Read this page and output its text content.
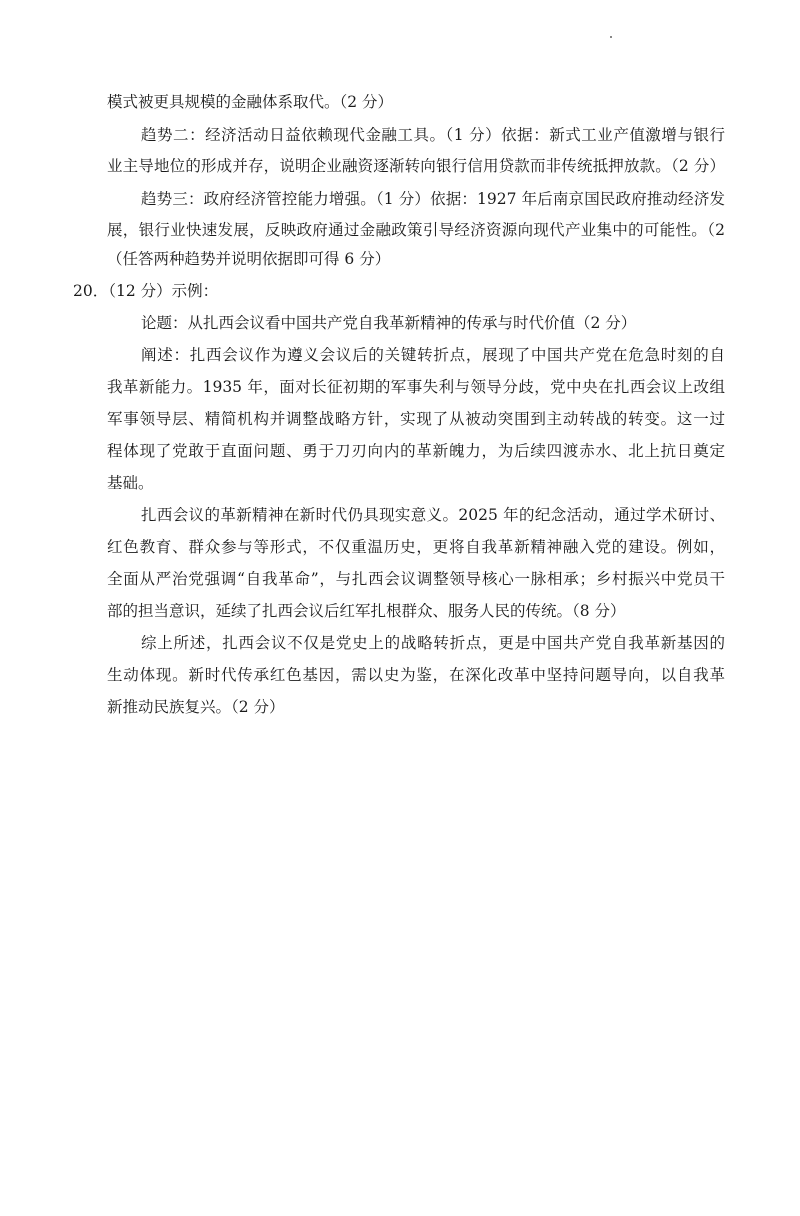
模式被更具规模的金融体系取代。（2 分）
趋势二：经济活动日益依赖现代金融工具。（1 分）依据：新式工业产值激增与银行
业主导地位的形成并存，说明企业融资逐渐转向银行信用贷款而非传统抵押放款。（2 分）
趋势三：政府经济管控能力增强。（1 分）依据：1927 年后南京国民政府推动经济发
展，银行业快速发展，反映政府通过金融政策引导经济资源向现代产业集中的可能性。（2
（任答两种趋势并说明依据即可得 6 分）
20．（12 分）示例：
论题：从扎西会议看中国共产党自我革新精神的传承与时代价值（2 分）
阐述：扎西会议作为遵义会议后的关键转折点，展现了中国共产党在危急时刻的自
我革新能力。1935 年，面对长征初期的军事失利与领导分歧，党中央在扎西会议上改组
军事领导层、精简机构并调整战略方针，实现了从被动突围到主动转战的转变。这一过
程体现了党敢于直面问题、勇于刀刃向内的革新魄力，为后续四渡赤水、北上抗日奠定
基础。
扎西会议的革新精神在新时代仍具现实意义。2025 年的纪念活动，通过学术研讨、
红色教育、群众参与等形式，不仅重温历史，更将自我革新精神融入党的建设。例如，
全面从严治党强调“自我革命”，与扎西会议调整领导核心一脉相承；乡村振兴中党员干
部的担当意识，延续了扎西会议后红军扎根群众、服务人民的传统。（8 分）
综上所述，扎西会议不仅是党史上的战略转折点，更是中国共产党自我革新基因的
生动体现。新时代传承红色基因，需以史为鉴，在深化改革中坚持问题导向，以自我革
新推动民族复兴。（2 分）
